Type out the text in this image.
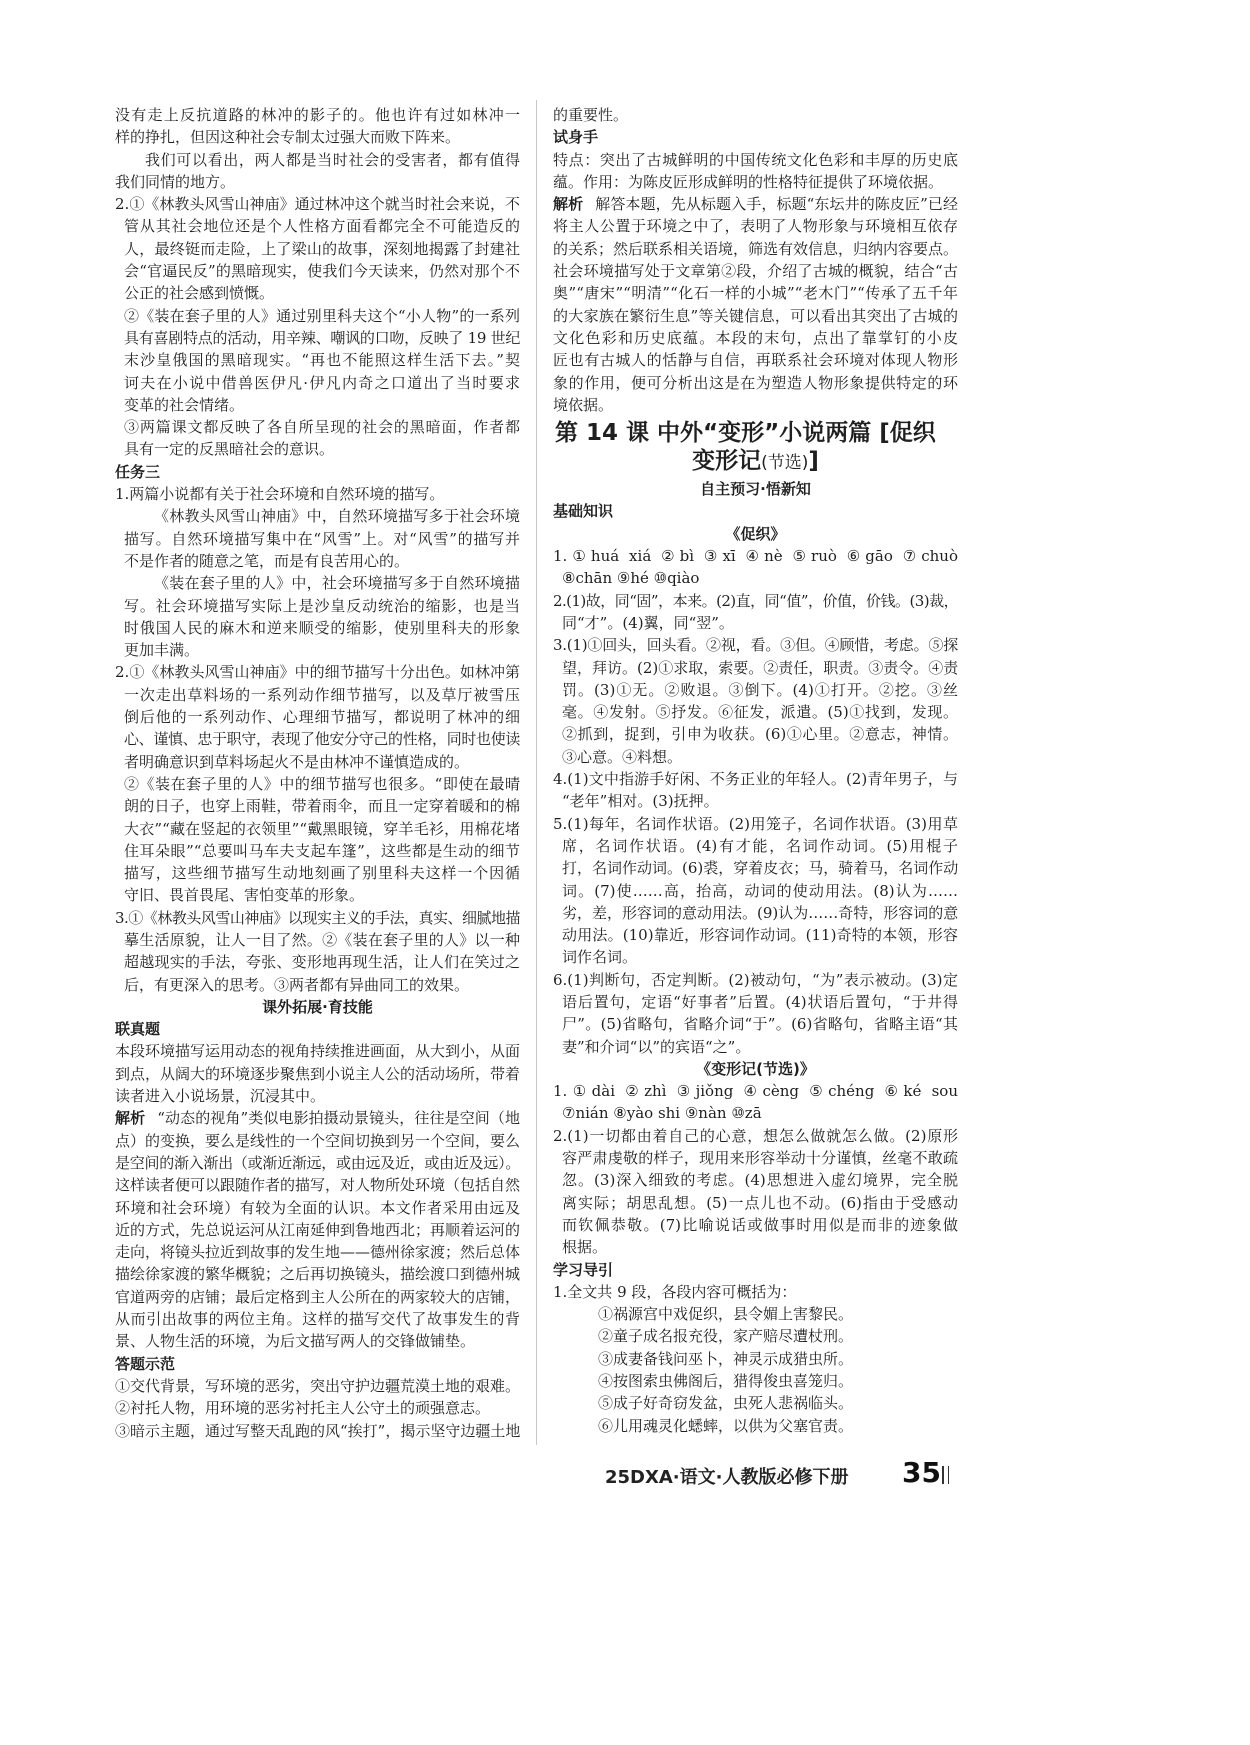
没有走上反抗道路的林冲的影子的。他也许有过如林冲一
样的挣扎，但因这种社会专制太过强大而败下阵来。
我们可以看出，两人都是当时社会的受害者，都有值得
我们同情的地方。
2.①《林教头风雪山神庙》通过林冲这个就当时社会来说，不
管从其社会地位还是个人性格方面看都完全不可能造反的
人，最终铤而走险，上了梁山的故事，深刻地揭露了封建社
会“官逼民反”的黑暗现实，使我们今天读来，仍然对那个不
公正的社会感到愤慨。
②《装在套子里的人》通过别里科夫这个“小人物”的一系列
具有喜剧特点的活动，用辛辣、嘲讽的口吻，反映了 19 世纪
末沙皇俄国的黑暗现实。“再也不能照这样生活下去。”契
诃夫在小说中借兽医伊凡·伊凡内奇之口道出了当时要求
变革的社会情绪。
③两篇课文都反映了各自所呈现的社会的黑暗面，作者都
具有一定的反黑暗社会的意识。
任务三
1.两篇小说都有关于社会环境和自然环境的描写。
《林教头风雪山神庙》中，自然环境描写多于社会环境
描写。自然环境描写集中在“风雪”上。对“风雪”的描写并
不是作者的随意之笔，而是有良苦用心的。
《装在套子里的人》中，社会环境描写多于自然环境描
写。社会环境描写实际上是沙皇反动统治的缩影，也是当
时俄国人民的麻木和逆来顺受的缩影，使别里科夫的形象
更加丰满。
2.①《林教头风雪山神庙》中的细节描写十分出色。如林冲第
一次走出草料场的一系列动作细节描写，以及草厅被雪压
倒后他的一系列动作、心理细节描写，都说明了林冲的细
心、谨慎、忠于职守，表现了他安分守己的性格，同时也使读
者明确意识到草料场起火不是由林冲不谨慎造成的。
②《装在套子里的人》中的细节描写也很多。“即使在最晴
朗的日子，也穿上雨鞋，带着雨伞，而且一定穿着暖和的棉
大衣”“藏在竖起的衣领里”“戴黑眼镜，穿羊毛衫，用棉花堵
住耳朵眼”“总要叫马车夫支起车篷”，这些都是生动的细节
描写，这些细节描写生动地刻画了别里科夫这样一个因循
守旧、畏首畏尾、害怕变革的形象。
3.①《林教头风雪山神庙》以现实主义的手法，真实、细腻地描
摹生活原貌，让人一目了然。②《装在套子里的人》以一种
超越现实的手法，夸张、变形地再现生活，让人们在笑过之
后，有更深入的思考。③两者都有异曲同工的效果。
课外拓展·育技能
联真题
本段环境描写运用动态的视角持续推进画面，从大到小，从面
到点，从阔大的环境逐步聚焦到小说主人公的活动场所，带着
读者进入小说场景，沉浸其中。
解析 “动态的视角”类似电影拍摄动景镜头，往往是空间（地
点）的变换，要么是线性的一个空间切换到另一个空间，要么
是空间的渐入渐出（或渐近渐远，或由远及近，或由近及远）。
这样读者便可以跟随作者的描写，对人物所处环境（包括自然
环境和社会环境）有较为全面的认识。本文作者采用由远及
近的方式，先总说运河从江南延伸到鲁地西北；再顺着运河的
走向，将镜头拉近到故事的发生地——德州徐家渡；然后总体
描绘徐家渡的繁华概貌；之后再切换镜头，描绘渡口到德州城
官道两旁的店铺；最后定格到主人公所在的两家较大的店铺，
从而引出故事的两位主角。这样的描写交代了故事发生的背
景、人物生活的环境，为后文描写两人的交锋做铺垫。
答题示范
①交代背景，写环境的恶劣，突出守护边疆荒漠土地的艰难。
②衬托人物，用环境的恶劣衬托主人公守土的顽强意志。
③暗示主题，通过写整天乱跑的风“挨打”，揭示坚守边疆土地
的重要性。
试身手
特点：突出了古城鲜明的中国传统文化色彩和丰厚的历史底
蕴。作用：为陈皮匠形成鲜明的性格特征提供了环境依据。
解析 解答本题，先从标题入手，标题“东坛井的陈皮匠”已经
将主人公置于环境之中了，表明了人物形象与环境相互依存
的关系；然后联系相关语境，筛选有效信息，归纳内容要点。
社会环境描写处于文章第②段，介绍了古城的概貌，结合“古
奥”“唐宋”“明清”“化石一样的小城”“老木门”“传承了五千年
的大家族在繁衍生息”等关键信息，可以看出其突出了古城的
文化色彩和历史底蕴。本段的末句，点出了靠掌钉的小皮
匠也有古城人的恬静与自信，再联系社会环境对体现人物形
象的作用，便可分析出这是在为塑造人物形象提供特定的环
境依据。
第 14 课 中外“变形”小说两篇 [促织
变形记(节选)]
自主预习·悟新知
基础知识
《促织》
1.①huá xiá ②bì ③xī ④nè ⑤ruò ⑥gāo ⑦chuò
⑧chān ⑨hé ⑩qiào
2.(1)故，同“固”，本来。(2)直，同“值”，价值，价钱。(3)裁，
同“才”。(4)翼，同“翌”。
3.(1)①回头，回头看。②视，看。③但。④顾惜，考虑。⑤探
望，拜访。(2)①求取，索要。②责任，职责。③责令。④责
罚。(3)①无。②败退。③倒下。(4)①打开。②挖。③丝
毫。④发射。⑤抒发。⑥征发，派遣。(5)①找到，发现。
②抓到，捉到，引申为收获。(6)①心里。②意志，神情。
③心意。④料想。
4.(1)文中指游手好闲、不务正业的年轻人。(2)青年男子，与
“老年”相对。(3)抚押。
5.(1)每年，名词作状语。(2)用笼子，名词作状语。(3)用草
席，名词作状语。(4)有才能，名词作动词。(5)用棍子
打，名词作动词。(6)裘，穿着皮衣；马，骑着马，名词作动
词。(7)使……高，抬高，动词的使动用法。(8)认为……
劣，差，形容词的意动用法。(9)认为……奇特，形容词的意
动用法。(10)靠近，形容词作动词。(11)奇特的本领，形容
词作名词。
6.(1)判断句，否定判断。(2)被动句，“为”表示被动。(3)定
语后置句，定语“好事者”后置。(4)状语后置句，“于井得
尸”。(5)省略句，省略介词“于”。(6)省略句，省略主语“其
妻”和介词“以”的宾语“之”。
《变形记(节选)》
1.①dài ②zhì ③jiǒng ④cèng ⑤chéng ⑥ké sou
⑦nián ⑧yào shi ⑨nàn ⑩zā
2.(1)一切都由着自己的心意，想怎么做就怎么做。(2)原形
容严肃虔敬的样子，现用来形容举动十分谨慎，丝毫不敢疏
忽。(3)深入细致的考虑。(4)思想进入虚幻境界，完全脱
离实际；胡思乱想。(5)一点儿也不动。(6)指由于受感动
而钦佩恭敬。(7)比喻说话或做事时用似是而非的迹象做
根据。
学习导引
1.全文共 9 段，各段内容可概括为：
①祸源宫中戏促织，县令媚上害黎民。
②童子成名报充役，家产赔尽遭杖刑。
③成妻备钱问巫卜，神灵示成猎虫所。
④按图索虫佛阁后，猎得俊虫喜笼归。
⑤成子好奇窃发盆，虫死人悲祸临头。
⑥儿用魂灵化蟋蟀，以供为父塞官责。
25DXA·语文·人教版必修下册 35
